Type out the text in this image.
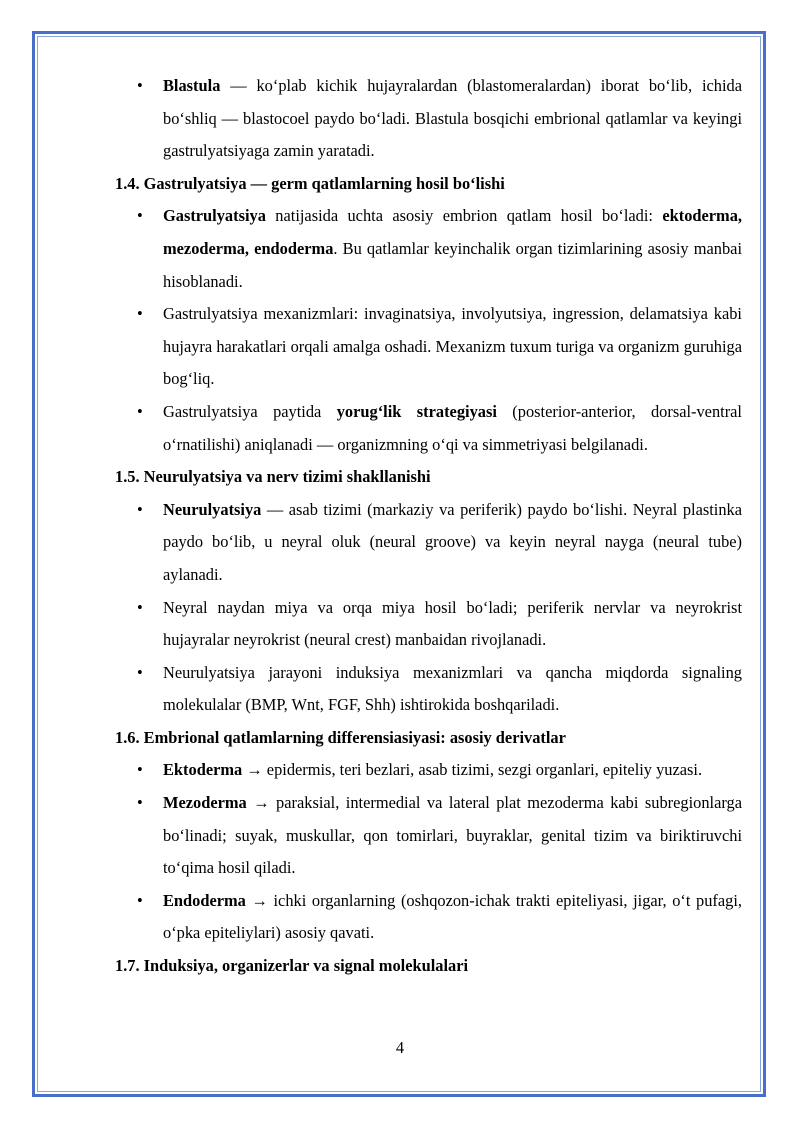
• Blastula — ko‘plab kichik hujayralardan (blastomeralardan) iborat bo‘lib, ichida bo‘shliq — blastocoel paydo bo‘ladi. Blastula bosqichi embrional qatlamlar va keyingi gastrulyatsiyaga zamin yaratadi.
1.4. Gastrulyatsiya — germ qatlamlarning hosil bo‘lishi
• Gastrulyatsiya natijasida uchta asosiy embrion qatlam hosil bo‘ladi: ektoderma, mezoderma, endoderma. Bu qatlamlar keyinchalik organ tizimlarining asosiy manbai hisoblanadi.
• Gastrulyatsiya mexanizmlari: invaginatsiya, involyutsiya, ingression, delamatsiya kabi hujayra harakatlari orqali amalga oshadi. Mexanizm tuxum turiga va organizm guruhiga bog‘liq.
• Gastrulyatsiya paytida yorug‘lik strategiyasi (posterior-anterior, dorsal-ventral o‘rnatilishi) aniqlanadi — organizmning o‘qi va simmetriyasi belgilanadi.
1.5. Neurulyatsiya va nerv tizimi shakllanishi
• Neurulyatsiya — asab tizimi (markaziy va periferik) paydo bo‘lishi. Neyral plastinka paydo bo‘lib, u neyral oluk (neural groove) va keyin neyral nayga (neural tube) aylanadi.
• Neyral naydan miya va orqa miya hosil bo‘ladi; periferik nervlar va neyrokrist hujayralar neyrokrist (neural crest) manbaidan rivojlanadi.
• Neurulyatsiya jarayoni induksiya mexanizmlari va qancha miqdorda signaling molekulalar (BMP, Wnt, FGF, Shh) ishtirokida boshqariladi.
1.6. Embrional qatlamlarning differensiasiyasi: asosiy derivatlar
• Ektoderma → epidermis, teri bezlari, asab tizimi, sezgi organlari, epiteliy yuzasi.
• Mezoderma → paraksial, intermedial va lateral plat mezoderma kabi subregionlarga bo‘linadi; suyak, muskullar, qon tomirlari, buyraklar, genital tizim va biriktiruvchi to‘qima hosil qiladi.
• Endoderma → ichki organlarning (oshqozon-ichak trakti epiteliyasi, jigar, o‘t pufagi, o‘pka epiteliylari) asosiy qavati.
1.7. Induksiya, organizerlar va signal molekulalari
4
